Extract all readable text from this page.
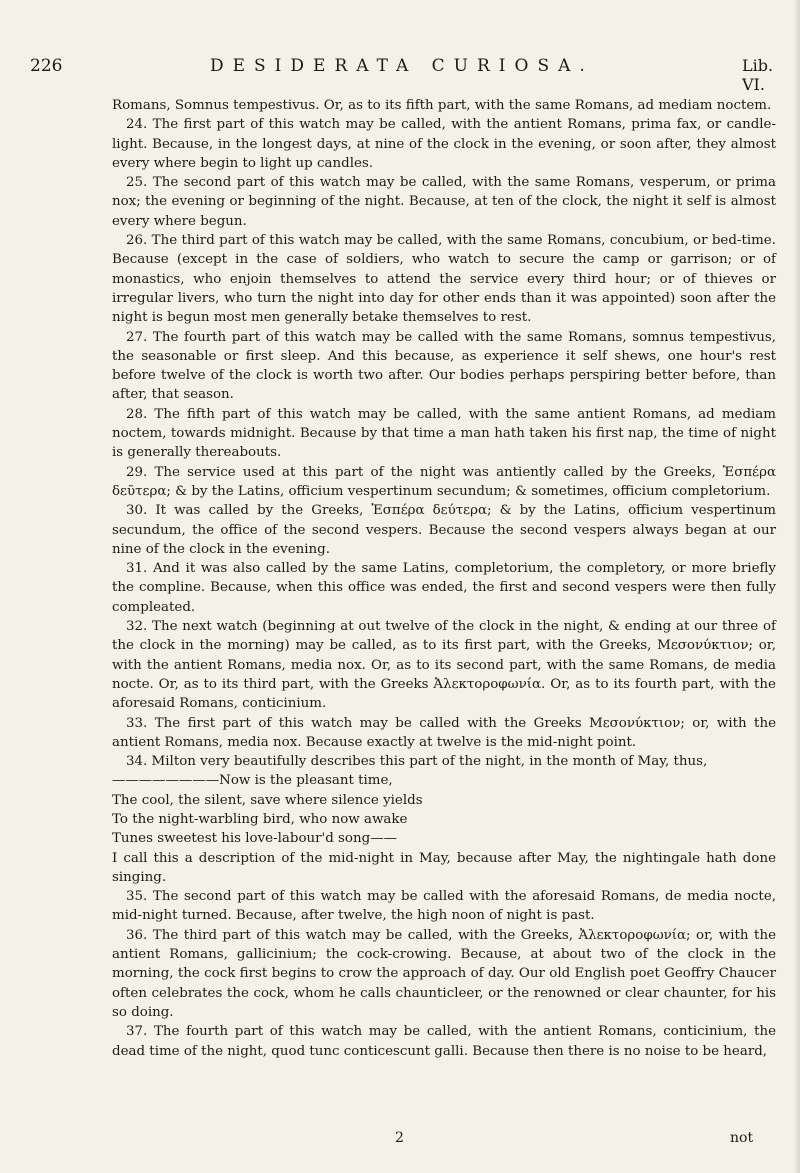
226	DESIDERATA CURIOSA.	Lib. VI.

Romans, Somnus tempestivus. Or, as to its fifth part, with the same Romans, ad mediam noctem.

24. The first part of this watch may be called, with the antient Romans, prima fax, or candle-light. Because, in the longest days, at nine of the clock in the evening, or soon after, they almost every where begin to light up candles.

25. The second part of this watch may be called, with the same Romans, vesperum, or prima nox; the evening or beginning of the night. Because, at ten of the clock, the night it self is almost every where begun.

26. The third part of this watch may be called, with the same Romans, concubium, or bed-time. Because (except in the case of soldiers, who watch to secure the camp or garrison; or of monastics, who enjoin themselves to attend the service every third hour; or of thieves or irregular livers, who turn the night into day for other ends than it was appointed) soon after the night is begun most men generally betake themselves to rest.

27. The fourth part of this watch may be called with the same Romans, somnus tempestivus, the seasonable or first sleep. And this because, as experience it self shews, one hour's rest before twelve of the clock is worth two after. Our bodies perhaps perspiring better before, than after, that season.

28. The fifth part of this watch may be called, with the same antient Romans, ad mediam noctem, towards midnight. Because by that time a man hath taken his first nap, the time of night is generally thereabouts.

29. The service used at this part of the night was antiently called by the Greeks, Ἑσπέρα δεῦτερα; & by the Latins, officium vespertinum secundum; & sometimes, officium completorium.

30. It was called by the Greeks, Ἑσπέρα δεύτερα; & by the Latins, officium vespertinum secundum, the office of the second vespers. Because the second vespers always began at our nine of the clock in the evening.

31. And it was also called by the same Latins, completorium, the completory, or more briefly the compline. Because, when this office was ended, the first and second vespers were then fully compleated.

32. The next watch (beginning at out twelve of the clock in the night, & ending at our three of the clock in the morning) may be called, as to its first part, with the Greeks, Μεσονύκτιον; or, with the antient Romans, media nox. Or, as to its second part, with the same Romans, de media nocte. Or, as to its third part, with the Greeks Ἀλεκτοροφωνία. Or, as to its fourth part, with the aforesaid Romans, conticinium.

33. The first part of this watch may be called with the Greeks Μεσονύκτιον; or, with the antient Romans, media nox. Because exactly at twelve is the mid-night point.

34. Milton very beautifully describes this part of the night, in the month of May, thus,

————————Now is the pleasant time,
The cool, the silent, save where silence yields
To the night-warbling bird, who now awake
Tunes sweetest his love-labour'd song——

I call this a description of the mid-night in May, because after May, the nightingale hath done singing.

35. The second part of this watch may be called with the aforesaid Romans, de media nocte, mid-night turned. Because, after twelve, the high noon of night is past.

36. The third part of this watch may be called, with the Greeks, Ἀλεκτοροφωνία; or, with the antient Romans, gallicinium; the cock-crowing. Because, at about two of the clock in the morning, the cock first begins to crow the approach of day. Our old English poet Geoffry Chaucer often celebrates the cock, whom he calls chaunticleer, or the renowned or clear chaunter, for his so doing.

37. The fourth part of this watch may be called, with the antient Romans, conticinium, the dead time of the night, quod tunc conticescunt galli. Because then there is no noise to be heard,

2	not
